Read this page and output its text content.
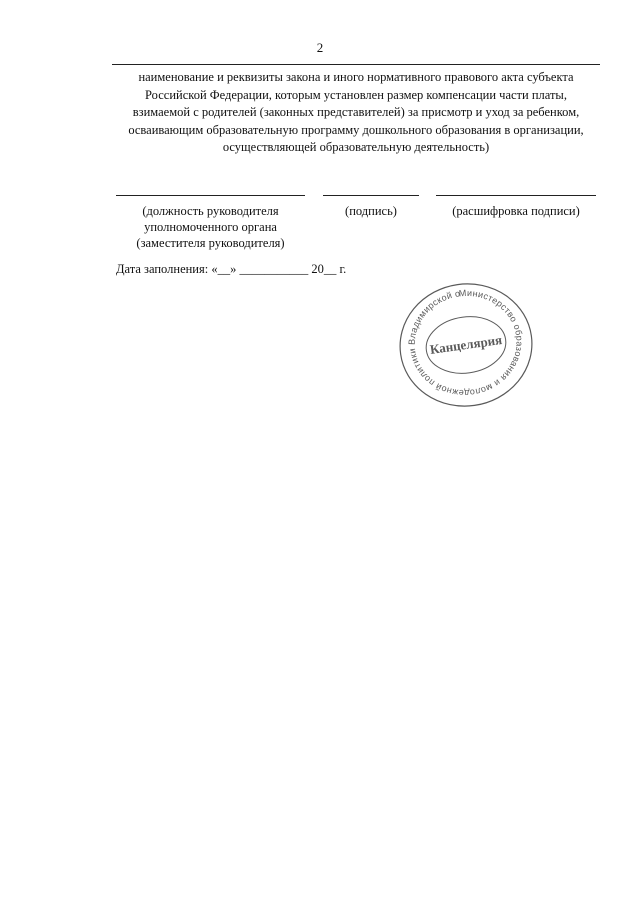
2
наименование и реквизиты закона и иного нормативного правового акта субъекта
Российской Федерации, которым установлен размер компенсации части платы,
взимаемой с родителей (законных представителей) за присмотр и уход за ребенком,
осваивающим образовательную программу дошкольного образования в организации,
осуществляющей образовательную деятельность)
(должность руководителя
уполномоченного органа
(заместителя руководителя)
(подпись)	(расшифровка подписи)
Дата заполнения: «__» ___________ 20__ г.
Министерство образования и молодежной политики Владимирской области
Канцелярия
